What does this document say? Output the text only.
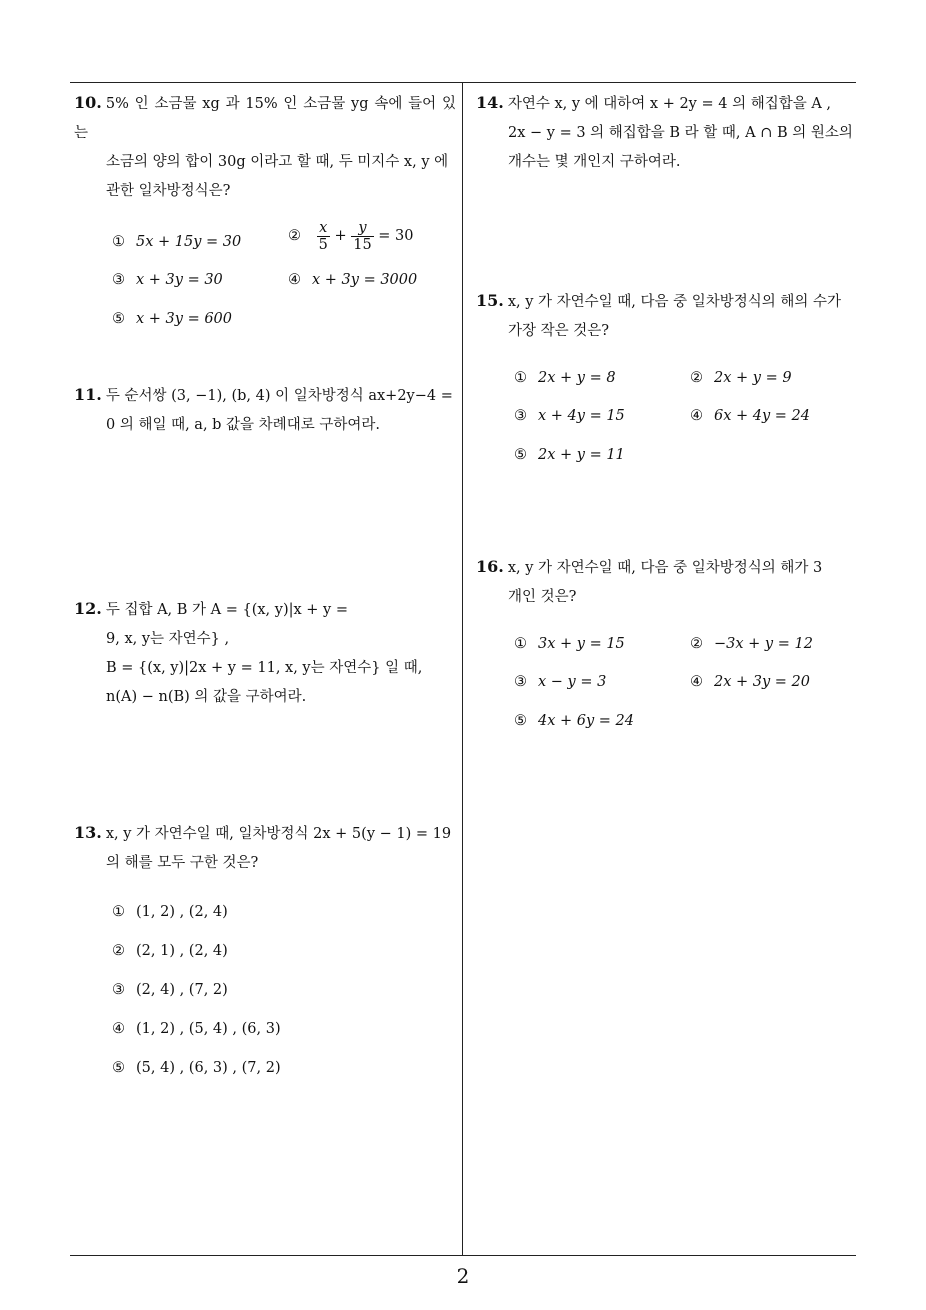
10. 5% 인 소금물 xg 과 15% 인 소금물 yg 속에 들어 있는
소금의 양의 합이 30g 이라고 할 때, 두 미지수 x, y 에
관한 일차방정식은?
① 5x + 15y = 30	② $\frac{x}{5} + \frac{y}{15} = 30$
③ x + 3y = 30	④ x + 3y = 3000
⑤ x + 3y = 600
11. 두 순서쌍 (3, −1), (b, 4) 이 일차방정식 ax+2y−4 =
0 의 해일 때, a, b 값을 차례대로 구하여라.
12. 두 집합 A, B 가 A = {(x, y)|x + y =
9, x, y는 자연수} ,
B = {(x, y)|2x + y = 11, x, y는 자연수} 일 때,
n(A) − n(B) 의 값을 구하여라.
13. x, y 가 자연수일 때, 일차방정식 2x + 5(y − 1) = 19
의 해를 모두 구한 것은?
① (1, 2) , (2, 4)
② (2, 1) , (2, 4)
③ (2, 4) , (7, 2)
④ (1, 2) , (5, 4) , (6, 3)
⑤ (5, 4) , (6, 3) , (7, 2)
14. 자연수 x, y 에 대하여 x + 2y = 4 의 해집합을 A ,
2x − y = 3 의 해집합을 B 라 할 때, A ∩ B 의 원소의
개수는 몇 개인지 구하여라.
15. x, y 가 자연수일 때, 다음 중 일차방정식의 해의 수가
가장 작은 것은?
① 2x + y = 8	② 2x + y = 9
③ x + 4y = 15	④ 6x + 4y = 24
⑤ 2x + y = 11
16. x, y 가 자연수일 때, 다음 중 일차방정식의 해가 3
개인 것은?
① 3x + y = 15	② −3x + y = 12
③ x − y = 3	④ 2x + 3y = 20
⑤ 4x + 6y = 24
2
